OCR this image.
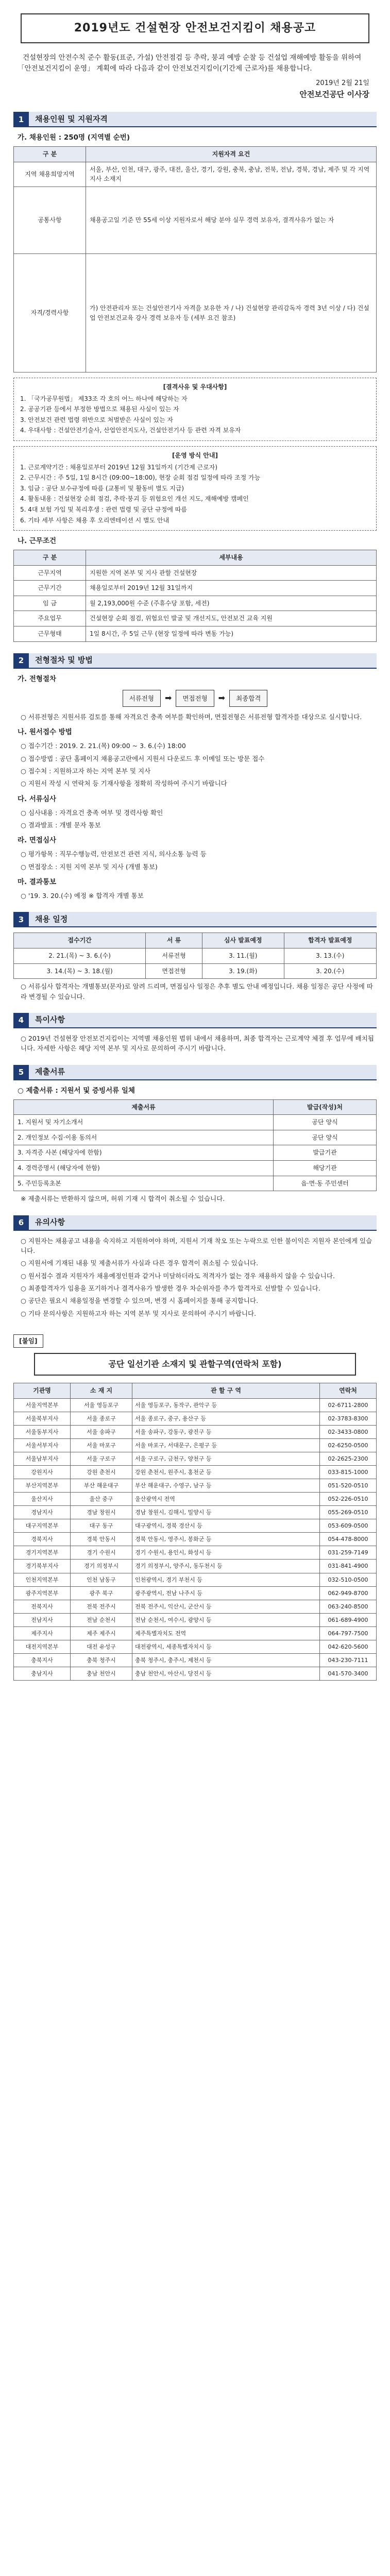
2019년도 건설현장 안전보건지킴이 채용공고

건설현장의 안전수칙 준수 활동(표준, 가설) 안전점검 등 추락, 붕괴 예방 순찰 등 건설업 재해예방 활동을 위하여 「안전보건지킴이 운영」 계획에 따라 다음과 같이 안전보건지킴이(기간제 근로자)를 채용합니다.

2019년 2월 21일

안전보건공단 이사장

1	채용인원 및 지원자격

가. 채용인원 : 250명 (지역별 순번)

구 분	지원자격 요건
지역 채용희망지역	서울, 부산, 인천, 대구, 광주, 대전, 울산, 경기, 강원, 충북, 충남, 전북, 전남, 경북, 경남, 제주 및 각 지역 지사 소재지
공통사항	채용공고일 기준 만 55세 이상 지원자로서 해당 분야 실무 경력 보유자, 결격사유가 없는 자
자격/경력사항	가) 안전관리자 또는 건설안전기사 자격을 보유한 자 / 나) 건설현장 관리감독자 경력 3년 이상 / 다) 건설업 안전보건교육 강사 경력 보유자 등 (세부 요건 참조)

[결격사유 및 우대사항]

1. 「국가공무원법」 제33조 각 호의 어느 하나에 해당하는 자

2. 공공기관 등에서 부정한 방법으로 채용된 사실이 있는 자

3. 안전보건 관련 법령 위반으로 처벌받은 사실이 있는 자

4. 우대사항 : 건설안전기술사, 산업안전지도사, 건설안전기사 등 관련 자격 보유자

[운영 방식 안내]

1. 근로계약기간 : 채용일로부터 2019년 12월 31일까지 (기간제 근로자)

2. 근무시간 : 주 5일, 1일 8시간 (09:00~18:00), 현장 순회 점검 일정에 따라 조정 가능

3. 임금 : 공단 보수규정에 따름 (교통비 및 활동비 별도 지급)

4. 활동내용 : 건설현장 순회 점검, 추락·붕괴 등 위험요인 개선 지도, 재해예방 캠페인

5. 4대 보험 가입 및 복리후생 : 관련 법령 및 공단 규정에 따름

6. 기타 세부 사항은 채용 후 오리엔테이션 시 별도 안내

나. 근무조건

구 분	세부내용
근무지역	지원한 지역 본부 및 지사 관할 건설현장
근무기간	채용일로부터 2019년 12월 31일까지
임 금	월 2,193,000원 수준 (주휴수당 포함, 세전)
주요업무	건설현장 순회 점검, 위험요인 발굴 및 개선지도, 안전보건 교육 지원
근무형태	1일 8시간, 주 5일 근무 (현장 일정에 따라 변동 가능)
2	전형절차 및 방법

가. 전형절차

서류전형	➡	면접전형	➡	최종합격

○ 서류전형은 지원서류 검토를 통해 자격요건 충족 여부를 확인하며, 면접전형은 서류전형 합격자를 대상으로 실시합니다.

나. 원서접수 방법

○ 접수기간 : 2019. 2. 21.(목) 09:00 ~ 3. 6.(수) 18:00

○ 접수방법 : 공단 홈페이지 채용공고란에서 지원서 다운로드 후 이메일 또는 방문 접수

○ 접수처 : 지원하고자 하는 지역 본부 및 지사

○ 지원서 작성 시 연락처 등 기재사항을 정확히 작성하여 주시기 바랍니다

다. 서류심사

○ 심사내용 : 자격요건 충족 여부 및 경력사항 확인

○ 결과발표 : 개별 문자 통보

라. 면접심사

○ 평가항목 : 직무수행능력, 안전보건 관련 지식, 의사소통 능력 등

○ 면접장소 : 지원 지역 본부 및 지사 (개별 통보)

마. 결과통보

○ '19. 3. 20.(수) 예정 ※ 합격자 개별 통보

3	채용 일정
접수기간	서 류	심사 발표예정	합격자 발표예정
2. 21.(목) ~ 3. 6.(수)	서류전형	3. 11.(월)	3. 13.(수)
3. 14.(목) ~ 3. 18.(월)	면접전형	3. 19.(화)	3. 20.(수)

○ 서류심사 합격자는 개별통보(문자)로 알려 드리며, 면접심사 일정은 추후 별도 안내 예정입니다. 채용 일정은 공단 사정에 따라 변경될 수 있습니다.

4	특이사항

○ 2019년 건설현장 안전보건지킴이는 지역별 채용인원 범위 내에서 채용하며, 최종 합격자는 근로계약 체결 후 업무에 배치됩니다. 자세한 사항은 해당 지역 본부 및 지사로 문의하여 주시기 바랍니다.

5	제출서류

○ 제출서류 : 지원서 및 증빙서류 일체

제출서류	발급(작성)처
1. 지원서 및 자기소개서	공단 양식
2. 개인정보 수집·이용 동의서	공단 양식
3. 자격증 사본 (해당자에 한함)	발급기관
4. 경력증명서 (해당자에 한함)	해당기관
5. 주민등록초본	읍·면·동 주민센터

※ 제출서류는 반환하지 않으며, 허위 기재 시 합격이 취소될 수 있습니다.

6	유의사항

○ 지원자는 채용공고 내용을 숙지하고 지원하여야 하며, 지원서 기재 착오 또는 누락으로 인한 불이익은 지원자 본인에게 있습니다.

○ 지원서에 기재된 내용 및 제출서류가 사실과 다른 경우 합격이 취소될 수 있습니다.

○ 원서접수 결과 지원자가 채용예정인원과 같거나 미달하더라도 적격자가 없는 경우 채용하지 않을 수 있습니다.

○ 최종합격자가 임용을 포기하거나 결격사유가 발생한 경우 차순위자를 추가 합격자로 선발할 수 있습니다.

○ 공단은 필요시 채용일정을 변경할 수 있으며, 변경 시 홈페이지를 통해 공지합니다.

○ 기타 문의사항은 지원하고자 하는 지역 본부 및 지사로 문의하여 주시기 바랍니다.

[붙임]
공단 일선기관 소재지 및 관할구역(연락처 포함)
기관명	소 재 지	관 할 구 역	연락처
서울지역본부	서울 영등포구	서울 영등포구, 동작구, 관악구 등	02-6711-2800
서울북부지사	서울 종로구	서울 종로구, 중구, 용산구 등	02-3783-8300
서울동부지사	서울 송파구	서울 송파구, 강동구, 광진구 등	02-3433-0800
서울서부지사	서울 마포구	서울 마포구, 서대문구, 은평구 등	02-6250-0500
서울남부지사	서울 구로구	서울 구로구, 금천구, 양천구 등	02-2625-2300
강원지사	강원 춘천시	강원 춘천시, 원주시, 홍천군 등	033-815-1000
부산지역본부	부산 해운대구	부산 해운대구, 수영구, 남구 등	051-520-0510
울산지사	울산 중구	울산광역시 전역	052-226-0510
경남지사	경남 창원시	경남 창원시, 김해시, 밀양시 등	055-269-0510
대구지역본부	대구 동구	대구광역시, 경북 경산시 등	053-609-0500
경북지사	경북 안동시	경북 안동시, 영주시, 봉화군 등	054-478-8000
경기지역본부	경기 수원시	경기 수원시, 용인시, 화성시 등	031-259-7149
경기북부지사	경기 의정부시	경기 의정부시, 양주시, 동두천시 등	031-841-4900
인천지역본부	인천 남동구	인천광역시, 경기 부천시 등	032-510-0500
광주지역본부	광주 북구	광주광역시, 전남 나주시 등	062-949-8700
전북지사	전북 전주시	전북 전주시, 익산시, 군산시 등	063-240-8500
전남지사	전남 순천시	전남 순천시, 여수시, 광양시 등	061-689-4900
제주지사	제주 제주시	제주특별자치도 전역	064-797-7500
대전지역본부	대전 유성구	대전광역시, 세종특별자치시 등	042-620-5600
충북지사	충북 청주시	충북 청주시, 충주시, 제천시 등	043-230-7111
충남지사	충남 천안시	충남 천안시, 아산시, 당진시 등	041-570-3400
